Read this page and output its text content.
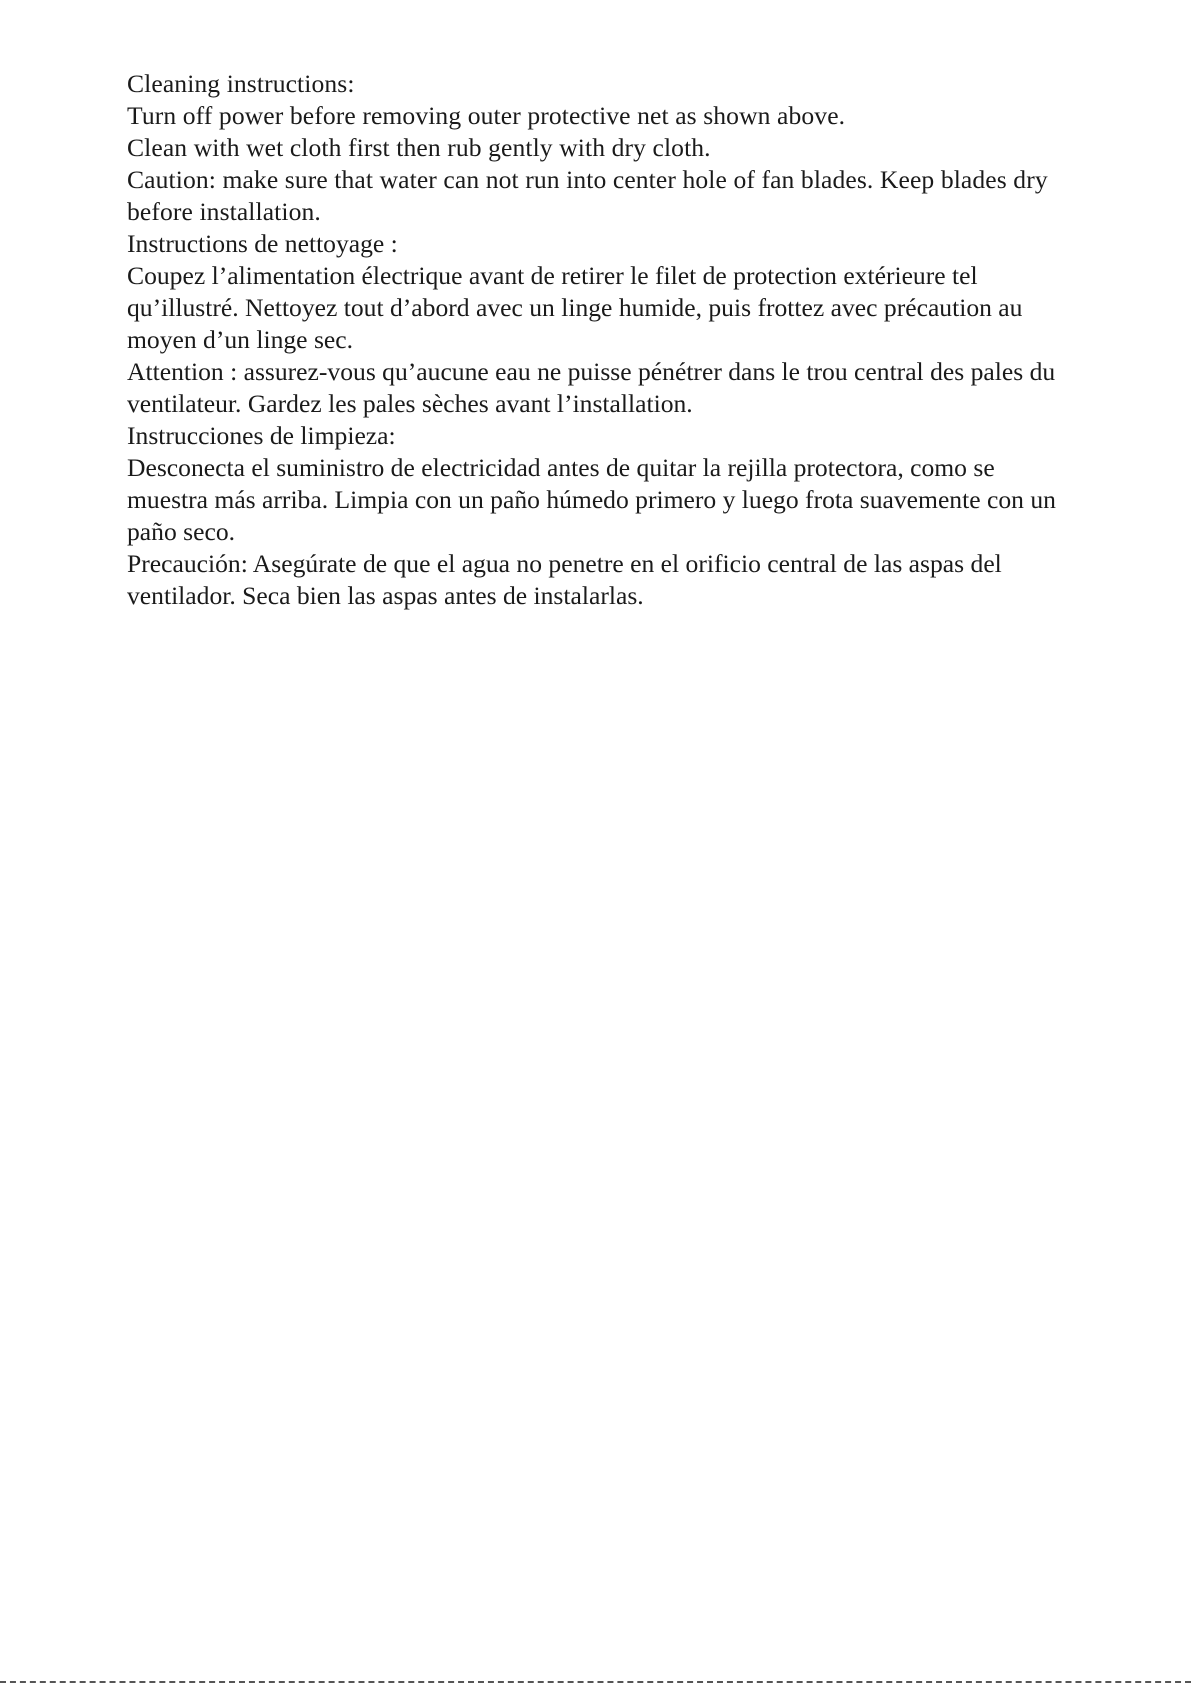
Cleaning instructions:
Turn off power before removing outer protective net as shown above.
Clean with wet cloth first then rub gently with dry cloth.
Caution: make sure that water can not run into center hole of fan blades. Keep blades dry
before installation.

Instructions de nettoyage :
Coupez l’alimentation électrique avant de retirer le filet de protection extérieure tel
qu’illustré. Nettoyez tout d’abord avec un linge humide, puis frottez avec précaution au
moyen d’un linge sec.
Attention : assurez-vous qu’aucune eau ne puisse pénétrer dans le trou central des pales du
ventilateur. Gardez les pales sèches avant l’installation.

Instrucciones de limpieza:
Desconecta el suministro de electricidad antes de quitar la rejilla protectora, como se
muestra más arriba. Limpia con un paño húmedo primero y luego frota suavemente con un
paño seco.
Precaución: Asegúrate de que el agua no penetre en el orificio central de las aspas del
ventilador. Seca bien las aspas antes de instalarlas.
